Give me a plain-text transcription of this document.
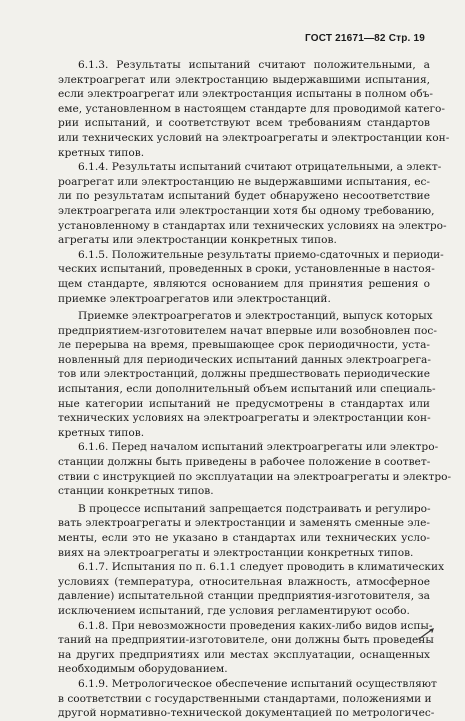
ГОСТ 21671—82 Стр. 19
6.1.3. Результаты испытаний считают положительными, а
электроагрегат или электростанцию выдержавшими испытания,
если электроагрегат или электростанция испытаны в полном объ-
еме, установленном в настоящем стандарте для проводимой катего-
рии испытаний, и соответствуют всем требованиям стандартов
или технических условий на электроагрегаты и электростанции кон-
кретных типов.
6.1.4. Результаты испытаний считают отрицательными, а элект-
роагрегат или электростанцию не выдержавшими испытания, ес-
ли по результатам испытаний будет обнаружено несоответствие
электроагрегата или электростанции хотя бы одному требованию,
установленному в стандартах или технических условиях на электро-
агрегаты или электростанции конкретных типов.
6.1.5. Положительные результаты приемо-сдаточных и периоди-
ческих испытаний, проведенных в сроки, установленные в настоя-
щем стандарте, являются основанием для принятия решения о
приемке электроагрегатов или электростанций.
Приемке электроагрегатов и электростанций, выпуск которых
предприятием-изготовителем начат впервые или возобновлен пос-
ле перерыва на время, превышающее срок периодичности, уста-
новленный для периодических испытаний данных электроагрега-
тов или электростанций, должны предшествовать периодические
испытания, если дополнительный объем испытаний или специаль-
ные категории испытаний не предусмотрены в стандартах или
технических условиях на электроагрегаты и электростанции кон-
кретных типов.
6.1.6. Перед началом испытаний электроагрегаты или электро-
станции должны быть приведены в рабочее положение в соответ-
ствии с инструкцией по эксплуатации на электроагрегаты и электро-
станции конкретных типов.
В процессе испытаний запрещается подстраивать и регулиро-
вать электроагрегаты и электростанции и заменять сменные эле-
менты, если это не указано в стандартах или технических усло-
виях на электроагрегаты и электростанции конкретных типов.
6.1.7. Испытания по п. 6.1.1 следует проводить в климатических
условиях (температура, относительная влажность, атмосферное
давление) испытательной станции предприятия-изготовителя, за
исключением испытаний, где условия регламентируют особо.
6.1.8. При невозможности проведения каких-либо видов испы-
таний на предприятии-изготовителе, они должны быть проведены
на других предприятиях или местах эксплуатации, оснащенных
необходимым оборудованием.
6.1.9. Метрологическое обеспечение испытаний осуществляют
в соответствии с государственными стандартами, положениями и
другой нормативно-технической документацией по метрологичес-
